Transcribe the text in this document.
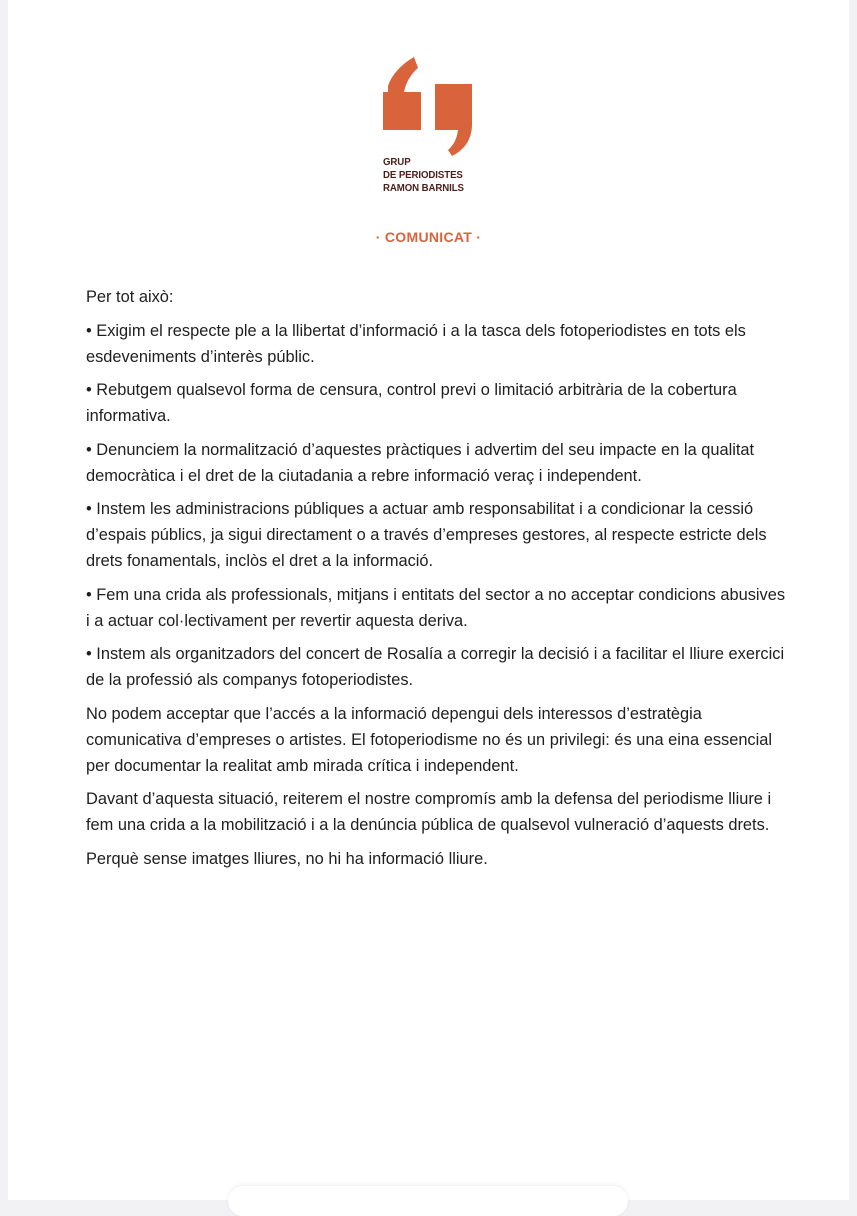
GRUP
DE PERIODISTES
RAMON BARNILS
· COMUNICAT ·

Per tot això:

• Exigim el respecte ple a la llibertat d’informació i a la tasca dels fotoperiodistes en tots els esdeveniments d’interès públic.

• Rebutgem qualsevol forma de censura, control previ o limitació arbitrària de la cobertura informativa.

• Denunciem la normalització d’aquestes pràctiques i advertim del seu impacte en la qualitat democràtica i el dret de la ciutadania a rebre informació veraç i independent.

• Instem les administracions públiques a actuar amb responsabilitat i a condicionar la cessió d’espais públics, ja sigui directament o a través d’empreses gestores, al respecte estricte dels drets fonamentals, inclòs el dret a la informació.

• Fem una crida als professionals, mitjans i entitats del sector a no acceptar condicions abusives i a actuar col·lectivament per revertir aquesta deriva.

• Instem als organitzadors del concert de Rosalía a corregir la decisió i a facilitar el lliure exercici de la professió als companys fotoperiodistes.

No podem acceptar que l’accés a la informació depengui dels interessos d’estratègia comunicativa d’empreses o artistes. El fotoperiodisme no és un privilegi: és una eina essencial per documentar la realitat amb mirada crítica i independent.

Davant d’aquesta situació, reiterem el nostre compromís amb la defensa del periodisme lliure i fem una crida a la mobilització i a la denúncia pública de qualsevol vulneració d’aquests drets.

Perquè sense imatges lliures, no hi ha informació lliure.
